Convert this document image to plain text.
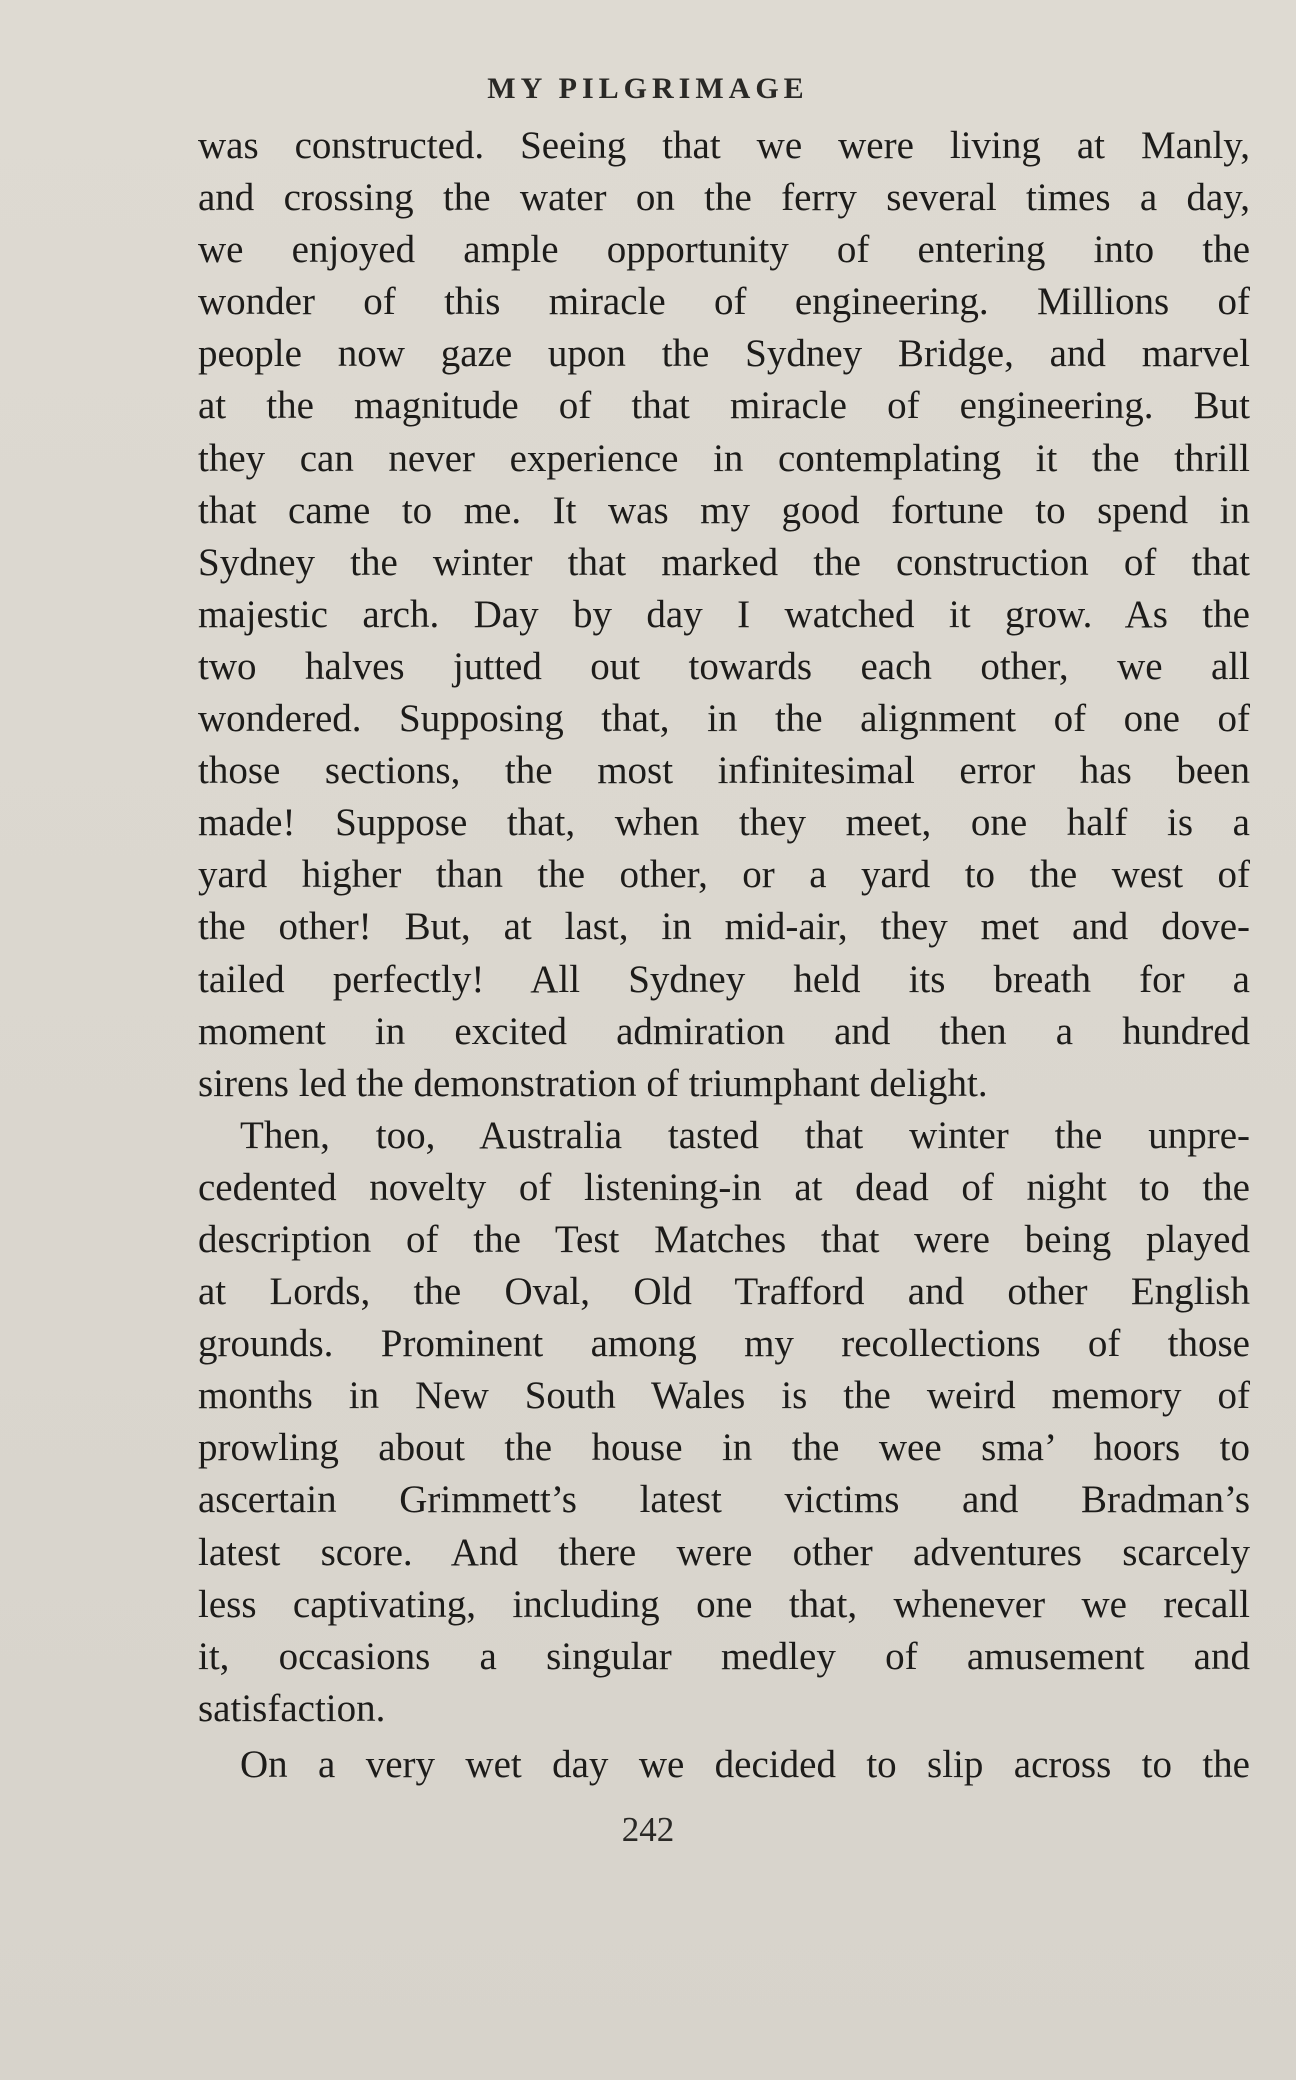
MY PILGRIMAGE
was constructed. Seeing that we were living at Manly,
and crossing the water on the ferry several times a day,
we enjoyed ample opportunity of entering into the
wonder of this miracle of engineering. Millions of
people now gaze upon the Sydney Bridge, and marvel
at the magnitude of that miracle of engineering. But
they can never experience in contemplating it the thrill
that came to me. It was my good fortune to spend in
Sydney the winter that marked the construction of that
majestic arch. Day by day I watched it grow. As the
two halves jutted out towards each other, we all
wondered. Supposing that, in the alignment of one of
those sections, the most infinitesimal error has been
made! Suppose that, when they meet, one half is a
yard higher than the other, or a yard to the west of
the other! But, at last, in mid-air, they met and dove-
tailed perfectly! All Sydney held its breath for a
moment in excited admiration and then a hundred
sirens led the demonstration of triumphant delight.
Then, too, Australia tasted that winter the unpre-
cedented novelty of listening-in at dead of night to the
description of the Test Matches that were being played
at Lords, the Oval, Old Trafford and other English
grounds. Prominent among my recollections of those
months in New South Wales is the weird memory of
prowling about the house in the wee sma’ hoors to
ascertain Grimmett’s latest victims and Bradman’s
latest score. And there were other adventures scarcely
less captivating, including one that, whenever we recall
it, occasions a singular medley of amusement and
satisfaction.
On a very wet day we decided to slip across to the
242
